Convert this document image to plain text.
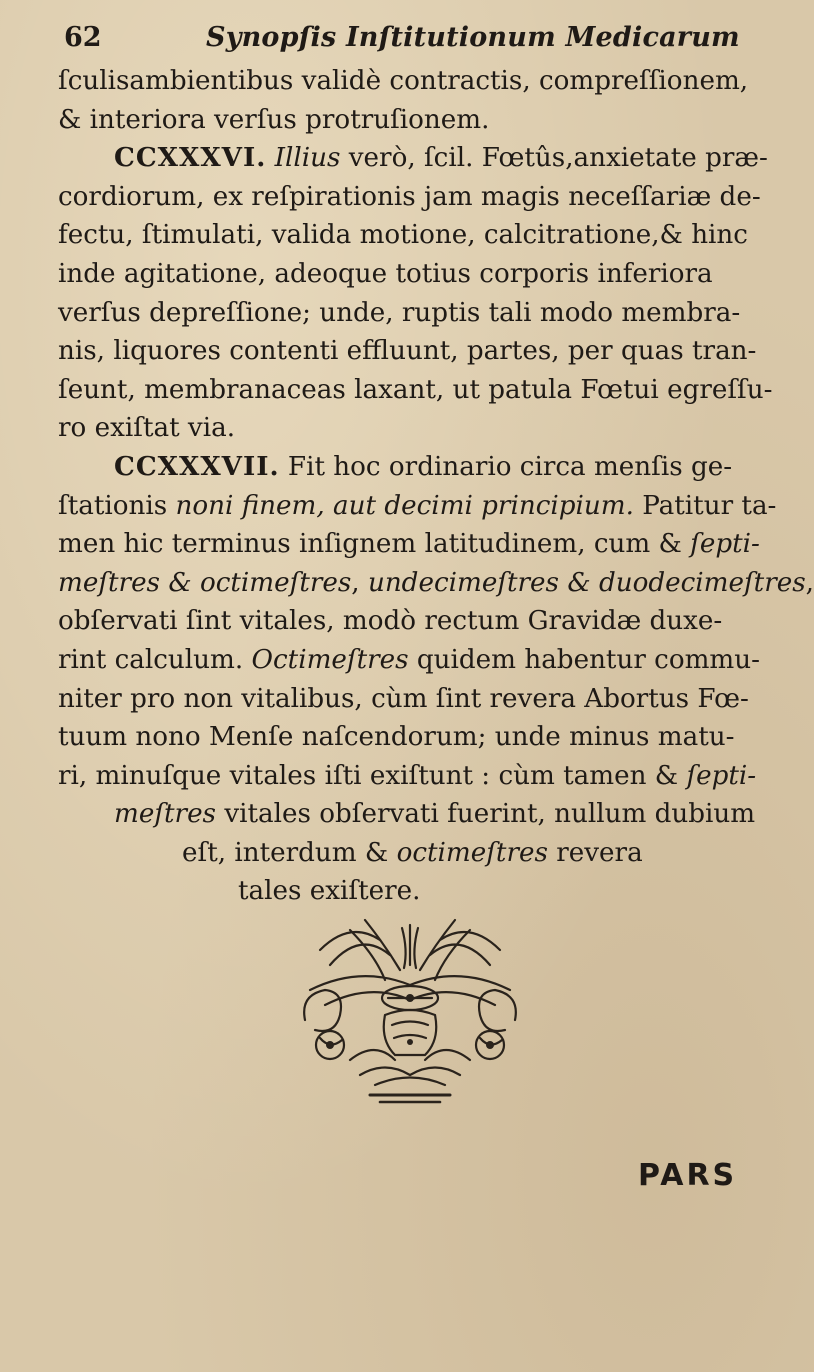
62	Synopſis Inſtitutionum Medicarum
ſculisambientibus validè contractis, compreſſionem,
& interiora verſus protruſionem.
CCXXXVI. Illius verò, ſcil. Fœtûs,anxietate præ-
cordiorum, ex reſpirationis jam magis neceſſariæ de-
fectu, ſtimulati, valida motione, calcitratione,& hinc
inde agitatione, adeoque totius corporis inferiora
verſus depreſſione; unde, ruptis tali modo membra-
nis, liquores contenti effluunt, partes, per quas tran-
ſeunt, membranaceas laxant, ut patula Fœtui egreſſu-
ro exiſtat via.
CCXXXVII. Fit hoc ordinario circa menſis ge-
ſtationis noni finem, aut decimi principium. Patitur ta-
men hic terminus inſignem latitudinem, cum & ſepti-
meſtres & octimeſtres, undecimeſtres & duodecimeſtres,
obſervati ſint vitales, modò rectum Gravidæ duxe-
rint calculum. Octimeſtres quidem habentur commu-
niter pro non vitalibus, cùm ſint revera Abortus Fœ-
tuum nono Menſe naſcendorum; unde minus matu-
ri, minuſque vitales iſti exiſtunt : cùm tamen & ſepti-
meſtres vitales obſervati fuerint, nullum dubium
eſt, interdum & octimeſtres revera
tales exiſtere.
PARS
